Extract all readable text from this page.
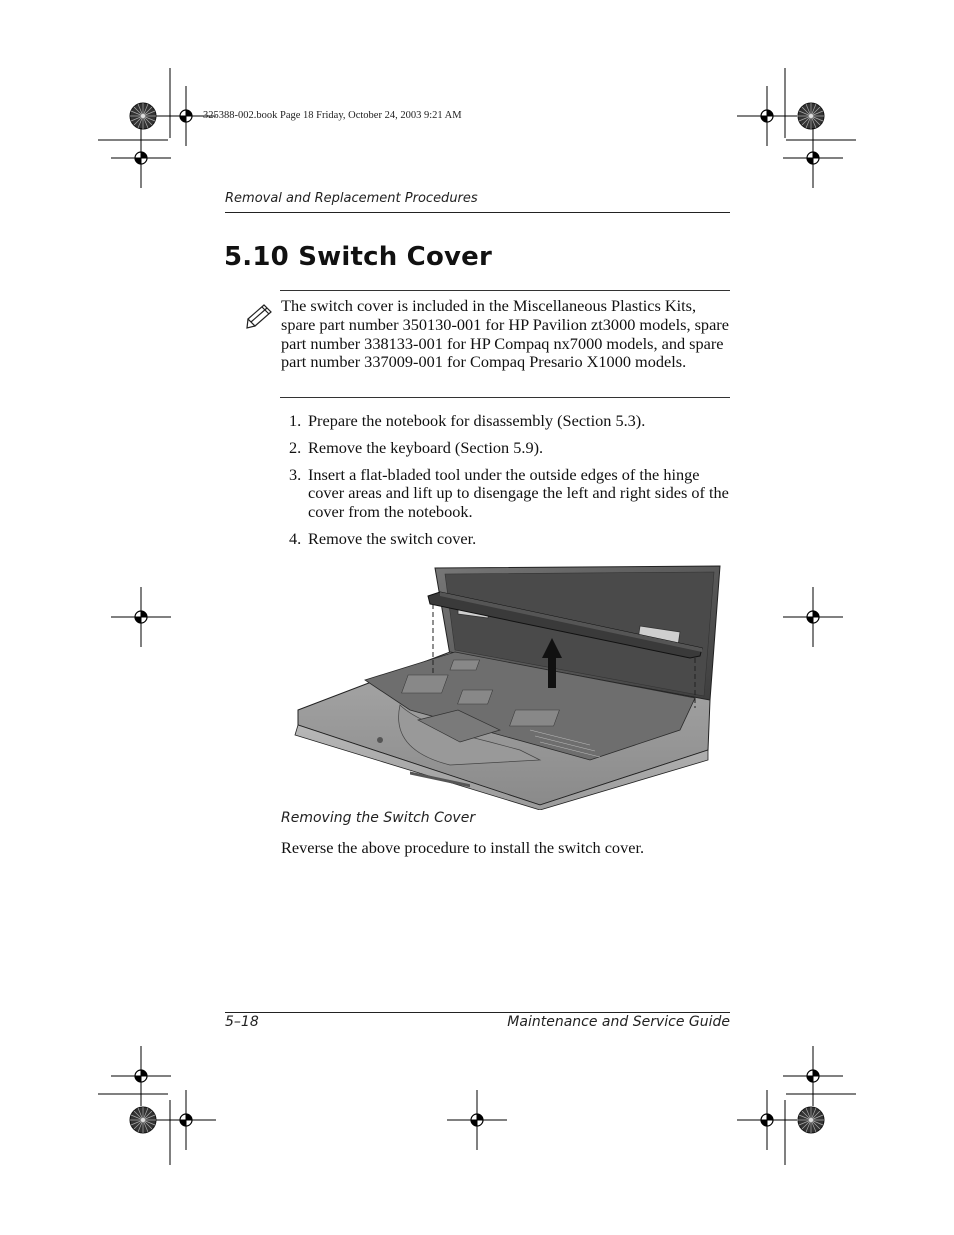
325388-002.book Page 18 Friday, October 24, 2003 9:21 AM
Removal and Replacement Procedures
5.10 Switch Cover
The switch cover is included in the Miscellaneous Plastics Kits, spare part number 350130-001 for HP Pavilion zt3000 models, spare part number 338133-001 for HP Compaq nx7000 models, and spare part number 337009-001 for Compaq Presario X1000 models.
1. Prepare the notebook for disassembly (Section 5.3).
2. Remove the keyboard (Section 5.9).
3. Insert a flat-bladed tool under the outside edges of the hinge cover areas and lift up to disengage the left and right sides of the cover from the notebook.
4. Remove the switch cover.
Removing the Switch Cover
Reverse the above procedure to install the switch cover.
5–18	Maintenance and Service Guide
